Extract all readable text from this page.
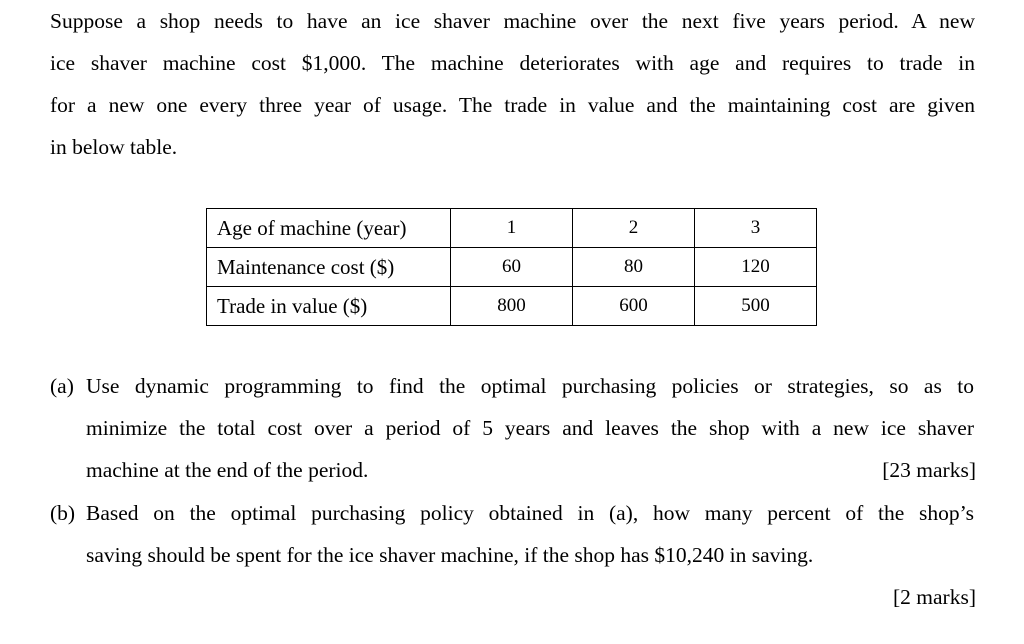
Suppose a shop needs to have an ice shaver machine over the next five years period. A new
ice shaver machine cost $1,000. The machine deteriorates with age and requires to trade in
for a new one every three year of usage. The trade in value and the maintaining cost are given
in below table.
Age of machine (year)	1	2	3
Maintenance cost ($)	60	80	120
Trade in value ($)	800	600	500
(a) Use dynamic programming to find the optimal purchasing policies or strategies, so as to
minimize the total cost over a period of 5 years and leaves the shop with a new ice shaver
machine at the end of the period.	[23 marks]
(b) Based on the optimal purchasing policy obtained in (a), how many percent of the shop’s
saving should be spent for the ice shaver machine, if the shop has $10,240 in saving.
[2 marks]
